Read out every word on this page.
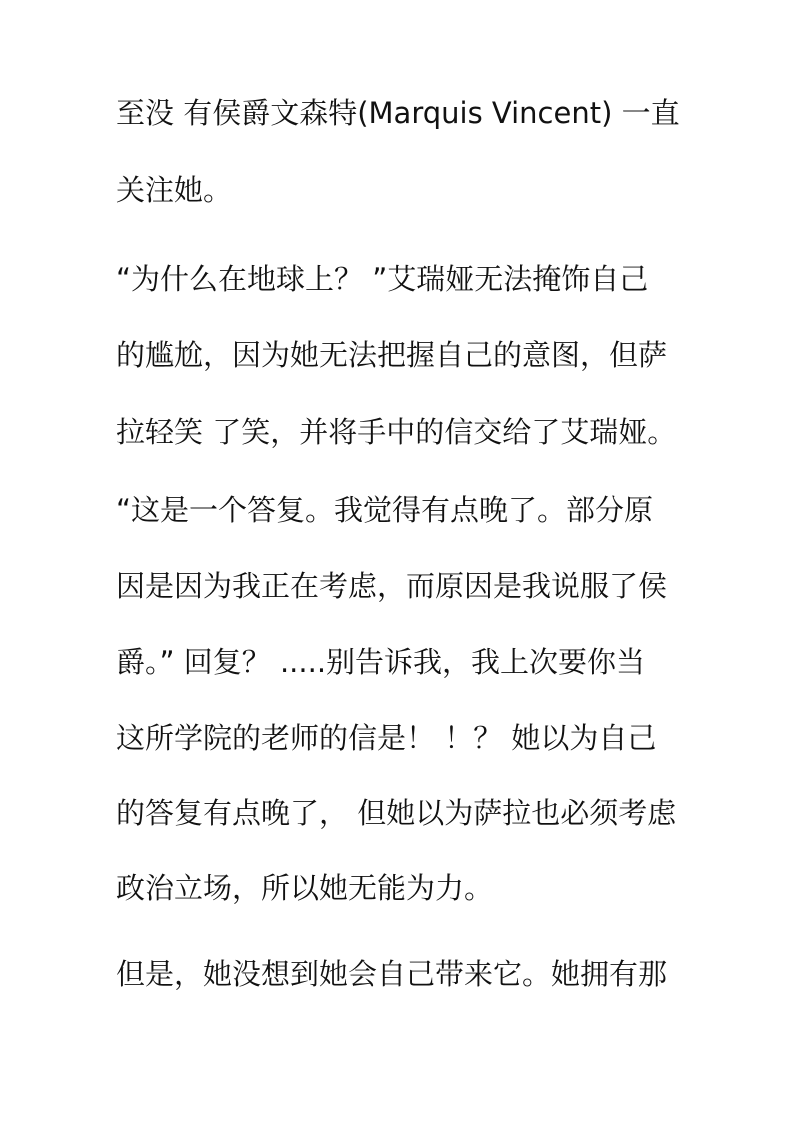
至没 有侯爵文森特(Marquis Vincent) 一直
关注她。
“为什么在地球上？ ”艾瑞娅无法掩饰自己
的尴尬，因为她无法把握自己的意图，但萨
拉轻笑 了笑，并将手中的信交给了艾瑞娅。
“这是一个答复。我觉得有点晚了。部分原
因是因为我正在考虑，而原因是我说服了侯
爵。” 回复？ .....别告诉我，我上次要你当
这所学院的老师的信是！ ！？ 她以为自己
的答复有点晚了， 但她以为萨拉也必须考虑
政治立场，所以她无能为力。
但是，她没想到她会自己带来它。她拥有那
